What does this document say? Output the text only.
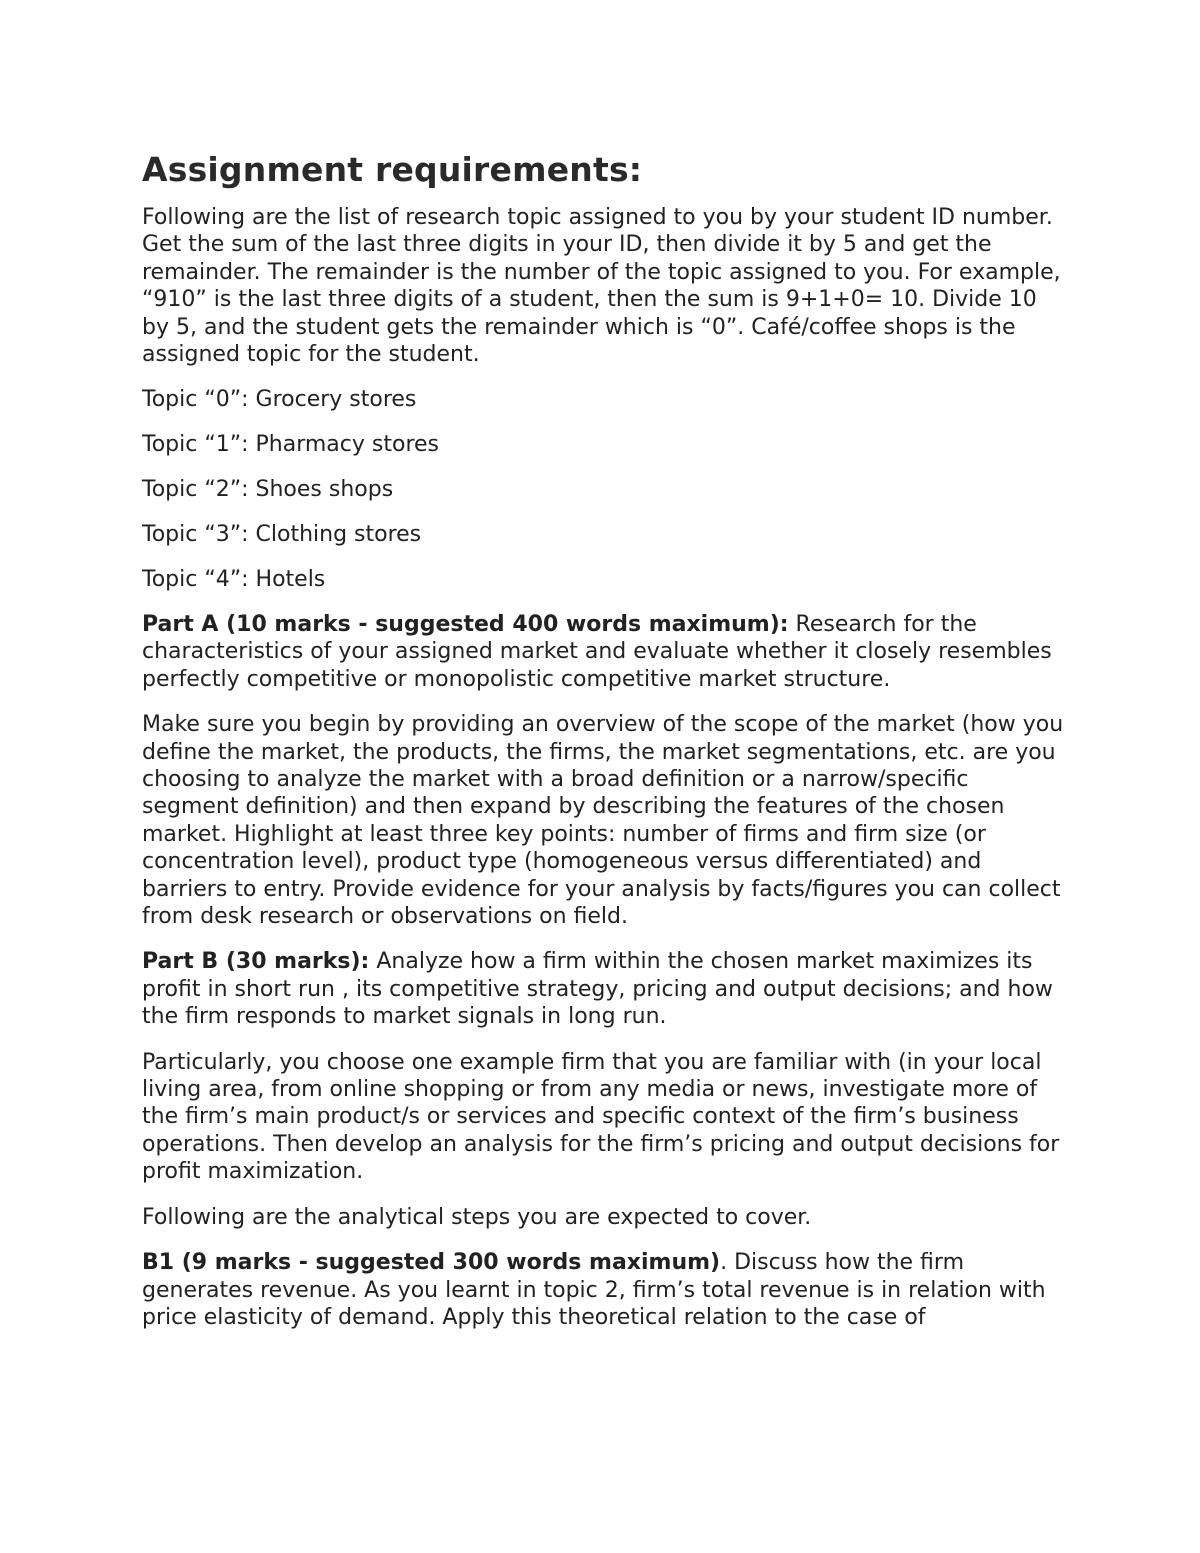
Assignment requirements:

Following are the list of research topic assigned to you by your student ID number. Get the sum of the last three digits in your ID, then divide it by 5 and get the remainder. The remainder is the number of the topic assigned to you. For example, “910” is the last three digits of a student, then the sum is 9+1+0= 10. Divide 10 by 5, and the student gets the remainder which is “0”. Café/coffee shops is the assigned topic for the student.

Topic “0”: Grocery stores

Topic “1”: Pharmacy stores

Topic “2”: Shoes shops

Topic “3”: Clothing stores

Topic “4”: Hotels

Part A (10 marks - suggested 400 words maximum): Research for the characteristics of your assigned market and evaluate whether it closely resembles perfectly competitive or monopolistic competitive market structure.

Make sure you begin by providing an overview of the scope of the market (how you define the market, the products, the firms, the market segmentations, etc. are you choosing to analyze the market with a broad definition or a narrow/specific segment definition) and then expand by describing the features of the chosen market. Highlight at least three key points: number of firms and firm size (or concentration level), product type (homogeneous versus differentiated) and barriers to entry. Provide evidence for your analysis by facts/figures you can collect from desk research or observations on field.

Part B (30 marks): Analyze how a firm within the chosen market maximizes its profit in short run , its competitive strategy, pricing and output decisions; and how the firm responds to market signals in long run.

Particularly, you choose one example firm that you are familiar with (in your local living area, from online shopping or from any media or news, investigate more of the firm’s main product/s or services and specific context of the firm’s business operations. Then develop an analysis for the firm’s pricing and output decisions for profit maximization.

Following are the analytical steps you are expected to cover.

B1 (9 marks - suggested 300 words maximum). Discuss how the firm generates revenue. As you learnt in topic 2, firm’s total revenue is in relation with price elasticity of demand. Apply this theoretical relation to the case of
